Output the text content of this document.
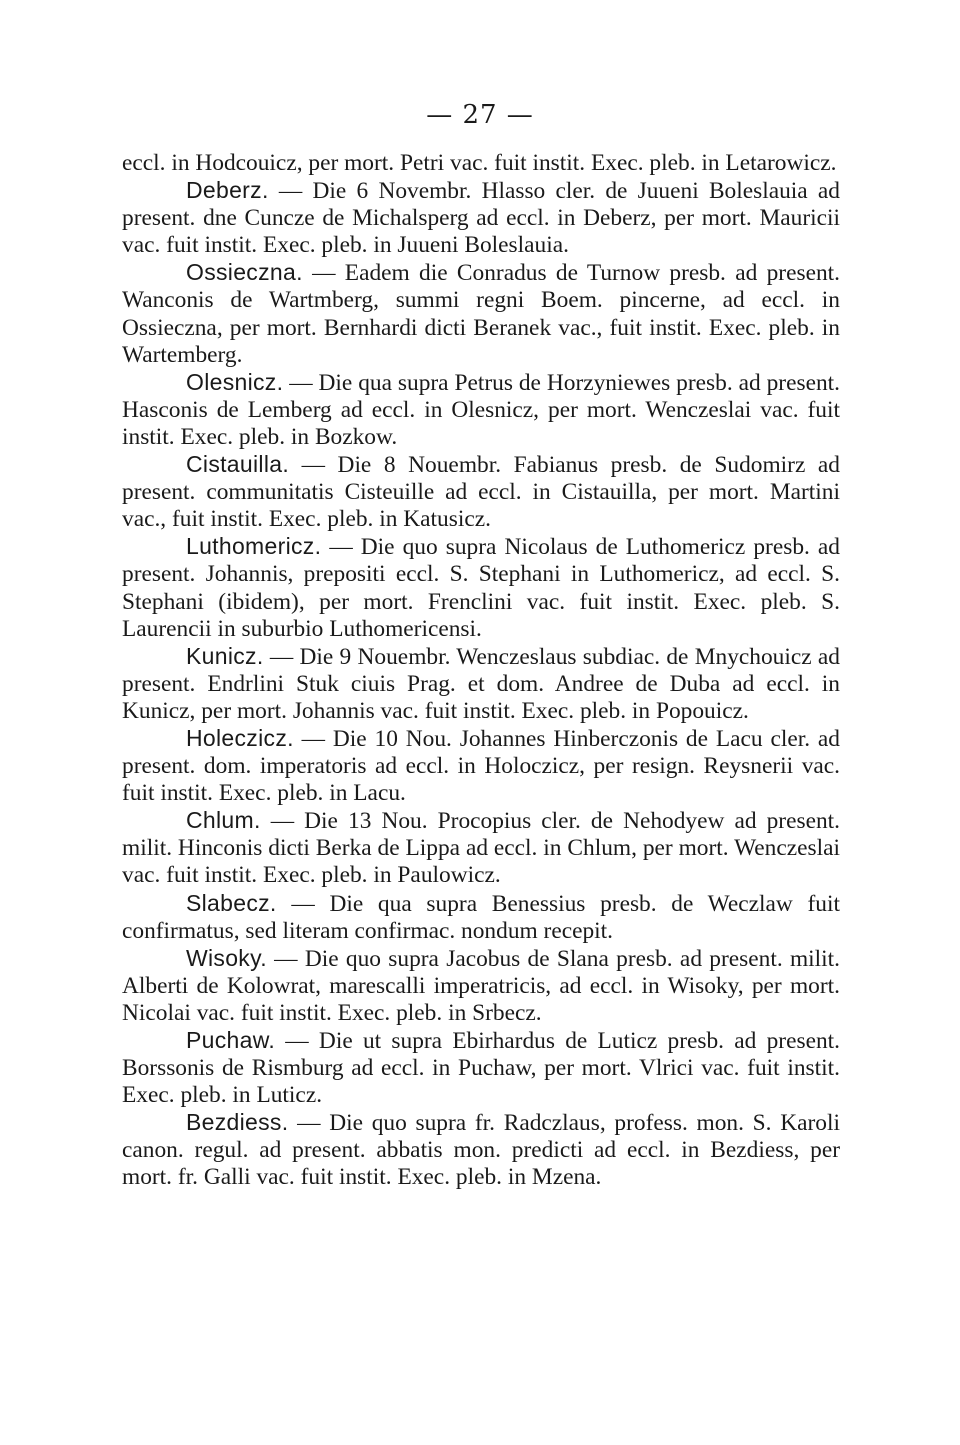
— 27 —

eccl. in Hodcouicz, per mort. Petri vac. fuit instit. Exec. pleb. in Letarowicz.

Deberz. — Die 6 Novembr. Hlasso cler. de Juueni Boleslauia ad present. dne Cuncze de Michalsperg ad eccl. in Deberz, per mort. Mauricii vac. fuit instit. Exec. pleb. in Juueni Boleslauia.

Ossieczna. — Eadem die Conradus de Turnow presb. ad present. Wanconis de Wartmberg, summi regni Boem. pincerne, ad eccl. in Ossieczna, per mort. Bernhardi dicti Beranek vac., fuit instit. Exec. pleb. in Wartemberg.

Olesnicz. — Die qua supra Petrus de Horzyniewes presb. ad present. Hasconis de Lemberg ad eccl. in Olesnicz, per mort. Wenczeslai vac. fuit instit. Exec. pleb. in Bozkow.

Cistauilla. — Die 8 Nouembr. Fabianus presb. de Sudomirz ad present. communitatis Cisteuille ad eccl. in Cistauilla, per mort. Martini vac., fuit instit. Exec. pleb. in Katusicz.

Luthomericz. — Die quo supra Nicolaus de Luthomericz presb. ad present. Johannis, prepositi eccl. S. Stephani in Luthomericz, ad eccl. S. Stephani (ibidem), per mort. Frenclini vac. fuit instit. Exec. pleb. S. Laurencii in suburbio Luthomericensi.

Kunicz. — Die 9 Nouembr. Wenczeslaus subdiac. de Mnychouicz ad present. Endrlini Stuk ciuis Prag. et dom. Andree de Duba ad eccl. in Kunicz, per mort. Johannis vac. fuit instit. Exec. pleb. in Popouicz.

Holeczicz. — Die 10 Nou. Johannes Hinberczonis de Lacu cler. ad present. dom. imperatoris ad eccl. in Holoczicz, per resign. Reysnerii vac. fuit instit. Exec. pleb. in Lacu.

Chlum. — Die 13 Nou. Procopius cler. de Nehodyew ad present. milit. Hinconis dicti Berka de Lippa ad eccl. in Chlum, per mort. Wenczeslai vac. fuit instit. Exec. pleb. in Paulowicz.

Slabecz. — Die qua supra Benessius presb. de Weczlaw fuit confirmatus, sed literam confirmac. nondum recepit.

Wisoky. — Die quo supra Jacobus de Slana presb. ad present. milit. Alberti de Kolowrat, marescalli imperatricis, ad eccl. in Wisoky, per mort. Nicolai vac. fuit instit. Exec. pleb. in Srbecz.

Puchaw. — Die ut supra Ebirhardus de Luticz presb. ad present. Borssonis de Rismburg ad eccl. in Puchaw, per mort. Vlrici vac. fuit instit. Exec. pleb. in Luticz.

Bezdiess. — Die quo supra fr. Radczlaus, profess. mon. S. Karoli canon. regul. ad present. abbatis mon. predicti ad eccl. in Bezdiess, per mort. fr. Galli vac. fuit instit. Exec. pleb. in Mzena.
